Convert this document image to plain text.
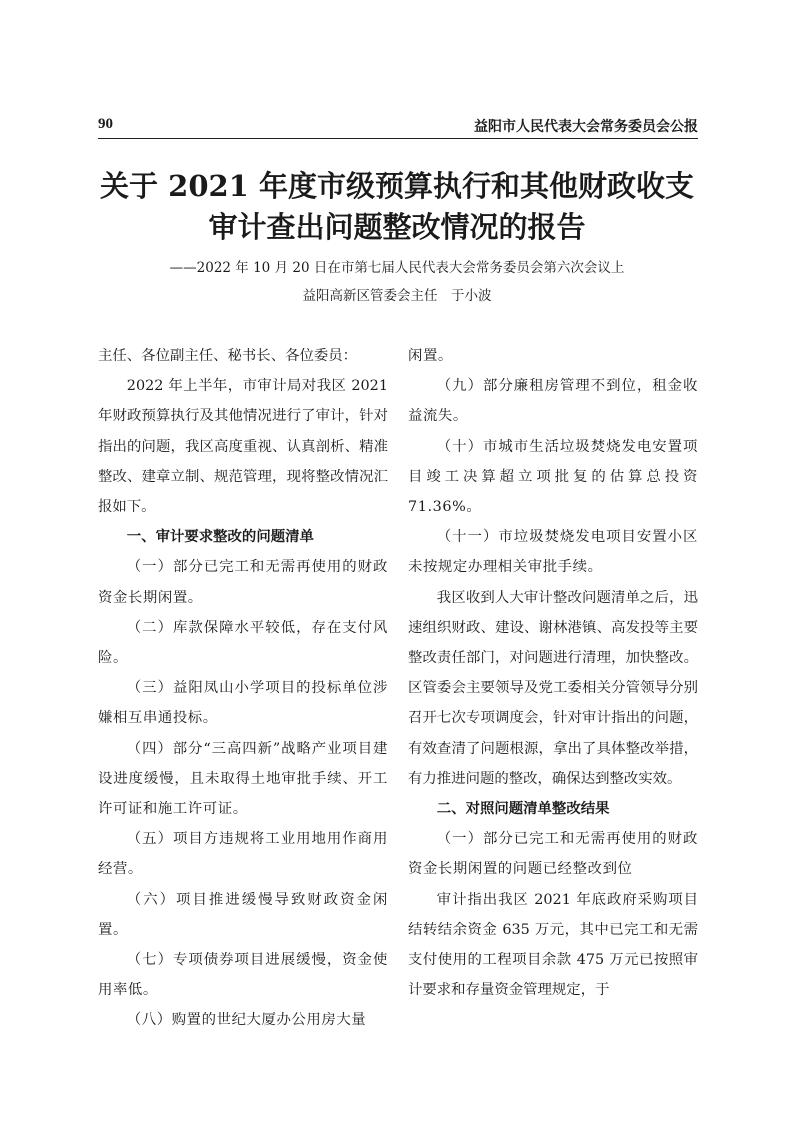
90	益阳市人民代表大会常务委员会公报
关于 2021 年度市级预算执行和其他财政收支
审计查出问题整改情况的报告
——2022 年 10 月 20 日在市第七届人民代表大会常务委员会第六次会议上
益阳高新区管委会主任　于小波

主任、各位副主任、秘书长、各位委员：

2022 年上半年，市审计局对我区 2021 年财政预算执行及其他情况进行了审计，针对指出的问题，我区高度重视、认真剖析、精准整改、建章立制、规范管理，现将整改情况汇报如下。

一、审计要求整改的问题清单

（一）部分已完工和无需再使用的财政资金长期闲置。

（二）库款保障水平较低，存在支付风险。

（三）益阳凤山小学项目的投标单位涉嫌相互串通投标。

（四）部分“三高四新”战略产业项目建设进度缓慢，且未取得土地审批手续、开工许可证和施工许可证。

（五）项目方违规将工业用地用作商用经营。

（六）项目推进缓慢导致财政资金闲置。

（七）专项债券项目进展缓慢，资金使用率低。

（八）购置的世纪大厦办公用房大量

闲置。

（九）部分廉租房管理不到位，租金收益流失。

（十）市城市生活垃圾焚烧发电安置项目竣工决算超立项批复的估算总投资 71.36%。

（十一）市垃圾焚烧发电项目安置小区未按规定办理相关审批手续。

我区收到人大审计整改问题清单之后，迅速组织财政、建设、谢林港镇、高发投等主要整改责任部门，对问题进行清理，加快整改。区管委会主要领导及党工委相关分管领导分别召开七次专项调度会，针对审计指出的问题，有效查清了问题根源，拿出了具体整改举措，有力推进问题的整改，确保达到整改实效。

二、对照问题清单整改结果

（一）部分已完工和无需再使用的财政资金长期闲置的问题已经整改到位

审计指出我区 2021 年底政府采购项目结转结余资金 635 万元，其中已完工和无需支付使用的工程项目余款 475 万元已按照审计要求和存量资金管理规定，于
